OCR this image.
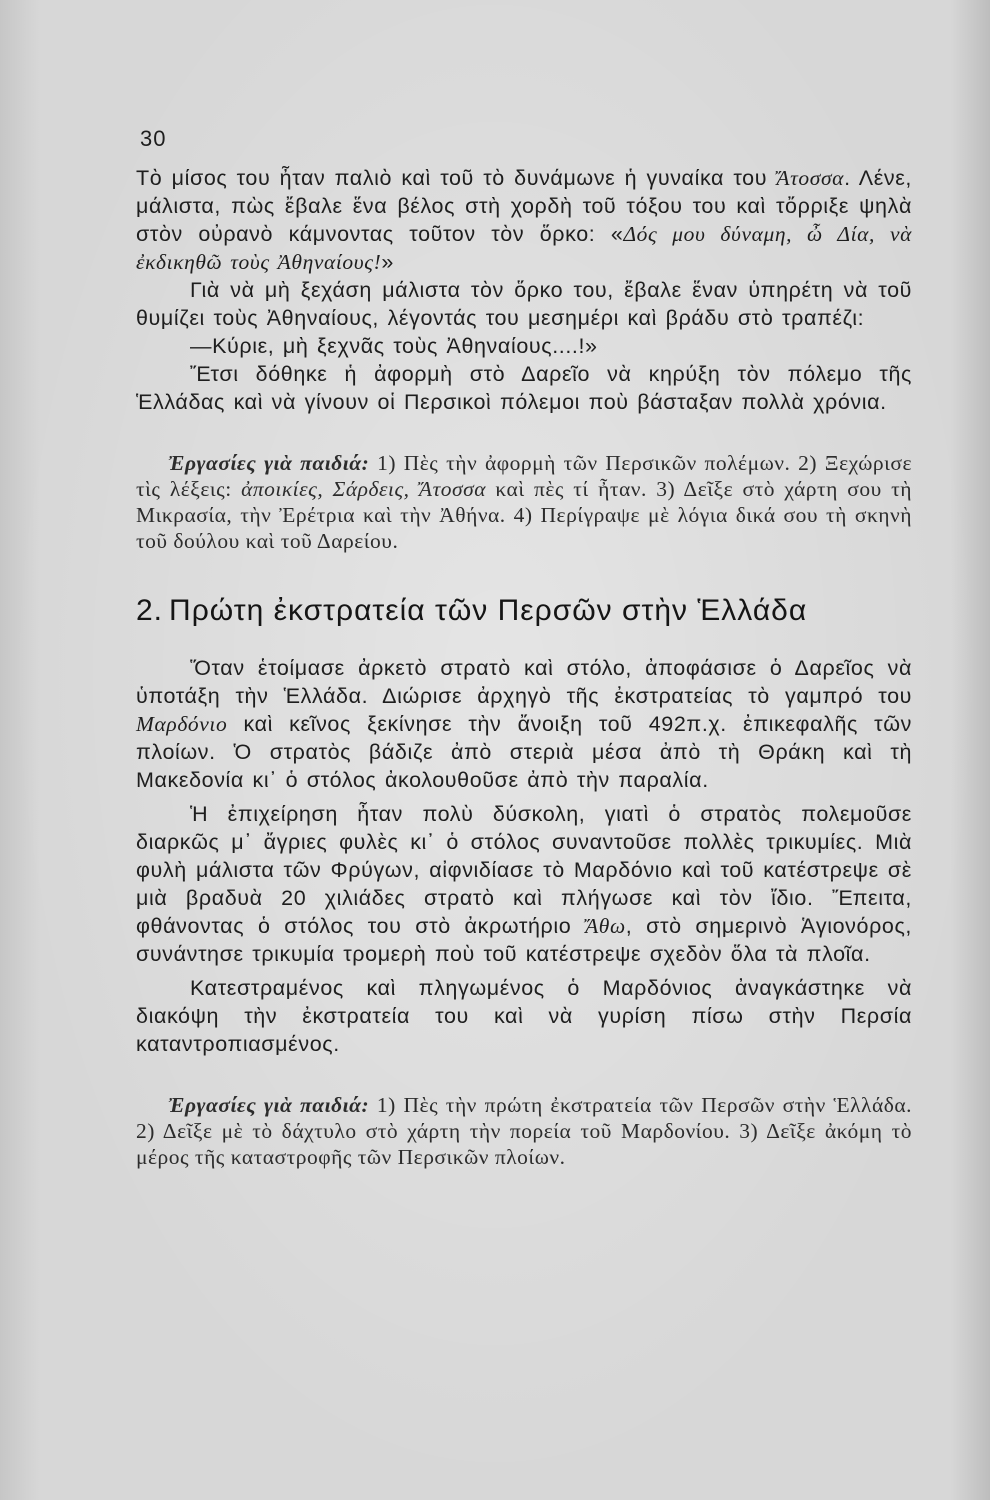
30

Τὸ μίσος του ἦταν παλιὸ καὶ τοῦ τὸ δυνάμωνε ἡ γυναίκα του Ἄτοσσα. Λένε, μάλιστα, πὼς ἔβαλε ἕνα βέλος στὴ χορδὴ τοῦ τόξου του καὶ τὄρριξε ψηλὰ στὸν οὐρανὸ κάμνοντας τοῦτον τὸν ὅρκο: «Δός μου δύναμη, ὦ Δία, νὰ ἐκδικηθῶ τοὺς Ἀθηναίους!»

Γιὰ νὰ μὴ ξεχάση μάλιστα τὸν ὅρκο του, ἔβαλε ἕναν ὑπηρέτη νὰ τοῦ θυμίζει τοὺς Ἀθηναίους, λέγοντάς του μεσημέρι καὶ βράδυ στὸ τραπέζι:

—Κύριε, μὴ ξεχνᾶς τοὺς Ἀθηναίους....!»

Ἔτσι δόθηκε ἡ ἀφορμὴ στὸ Δαρεῖο νὰ κηρύξη τὸν πόλεμο τῆς Ἑλλάδας καὶ νὰ γίνουν οἱ Περσικοὶ πόλεμοι ποὺ βάσταξαν πολλὰ χρόνια.

Ἐργασίες γιὰ παιδιά: 1) Πὲς τὴν ἀφορμὴ τῶν Περσικῶν πολέμων. 2) Ξεχώρισε τὶς λέξεις: ἀποικίες, Σάρδεις, Ἄτοσσα καὶ πὲς τί ἦταν. 3) Δεῖξε στὸ χάρτη σου τὴ Μικρασία, τὴν Ἐρέτρια καὶ τὴν Ἀθήνα. 4) Περίγραψε μὲ λόγια δικά σου τὴ σκηνὴ τοῦ δούλου καὶ τοῦ Δαρείου.

2. Πρώτη ἐκστρατεία τῶν Περσῶν στὴν Ἑλλάδα

Ὅταν ἑτοίμασε ἀρκετὸ στρατὸ καὶ στόλο, ἀποφάσισε ὁ Δαρεῖος νὰ ὑποτάξη τὴν Ἑλλάδα. Διώρισε ἀρχηγὸ τῆς ἐκστρατείας τὸ γαμπρό του Μαρδόνιο καὶ κεῖνος ξεκίνησε τὴν ἄνοιξη τοῦ 492π.χ. ἐπικεφαλῆς τῶν πλοίων. Ὁ στρατὸς βάδιζε ἀπὸ στεριὰ μέσα ἀπὸ τὴ Θράκη καὶ τὴ Μακεδονία κι᾿ ὁ στόλος ἀκολουθοῦσε ἀπὸ τὴν παραλία.

Ἡ ἐπιχείρηση ἦταν πολὺ δύσκολη, γιατὶ ὁ στρατὸς πολεμοῦσε διαρκῶς μ᾿ ἄγριες φυλὲς κι᾿ ὁ στόλος συναντοῦσε πολλὲς τρικυμίες. Μιὰ φυλὴ μάλιστα τῶν Φρύγων, αἰφνιδίασε τὸ Μαρδόνιο καὶ τοῦ κατέστρεψε σὲ μιὰ βραδυὰ 20 χιλιάδες στρατὸ καὶ πλήγωσε καὶ τὸν ἴδιο. Ἔπειτα, φθάνοντας ὁ στόλος του στὸ ἀκρωτήριο Ἄθω, στὸ σημερινὸ Ἁγιονόρος, συνάντησε τρικυμία τρομερὴ ποὺ τοῦ κατέστρεψε σχεδὸν ὅλα τὰ πλοῖα.

Κατεστραμένος καὶ πληγωμένος ὁ Μαρδόνιος ἀναγκάστηκε νὰ διακόψη τὴν ἐκστρατεία του καὶ νὰ γυρίση πίσω στὴν Περσία καταντροπιασμένος.

Ἐργασίες γιὰ παιδιά: 1) Πὲς τὴν πρώτη ἐκστρατεία τῶν Περσῶν στὴν Ἑλλάδα. 2) Δεῖξε μὲ τὸ δάχτυλο στὸ χάρτη τὴν πορεία τοῦ Μαρδονίου. 3) Δεῖξε ἀκόμη τὸ μέρος τῆς καταστροφῆς τῶν Περσικῶν πλοίων.
